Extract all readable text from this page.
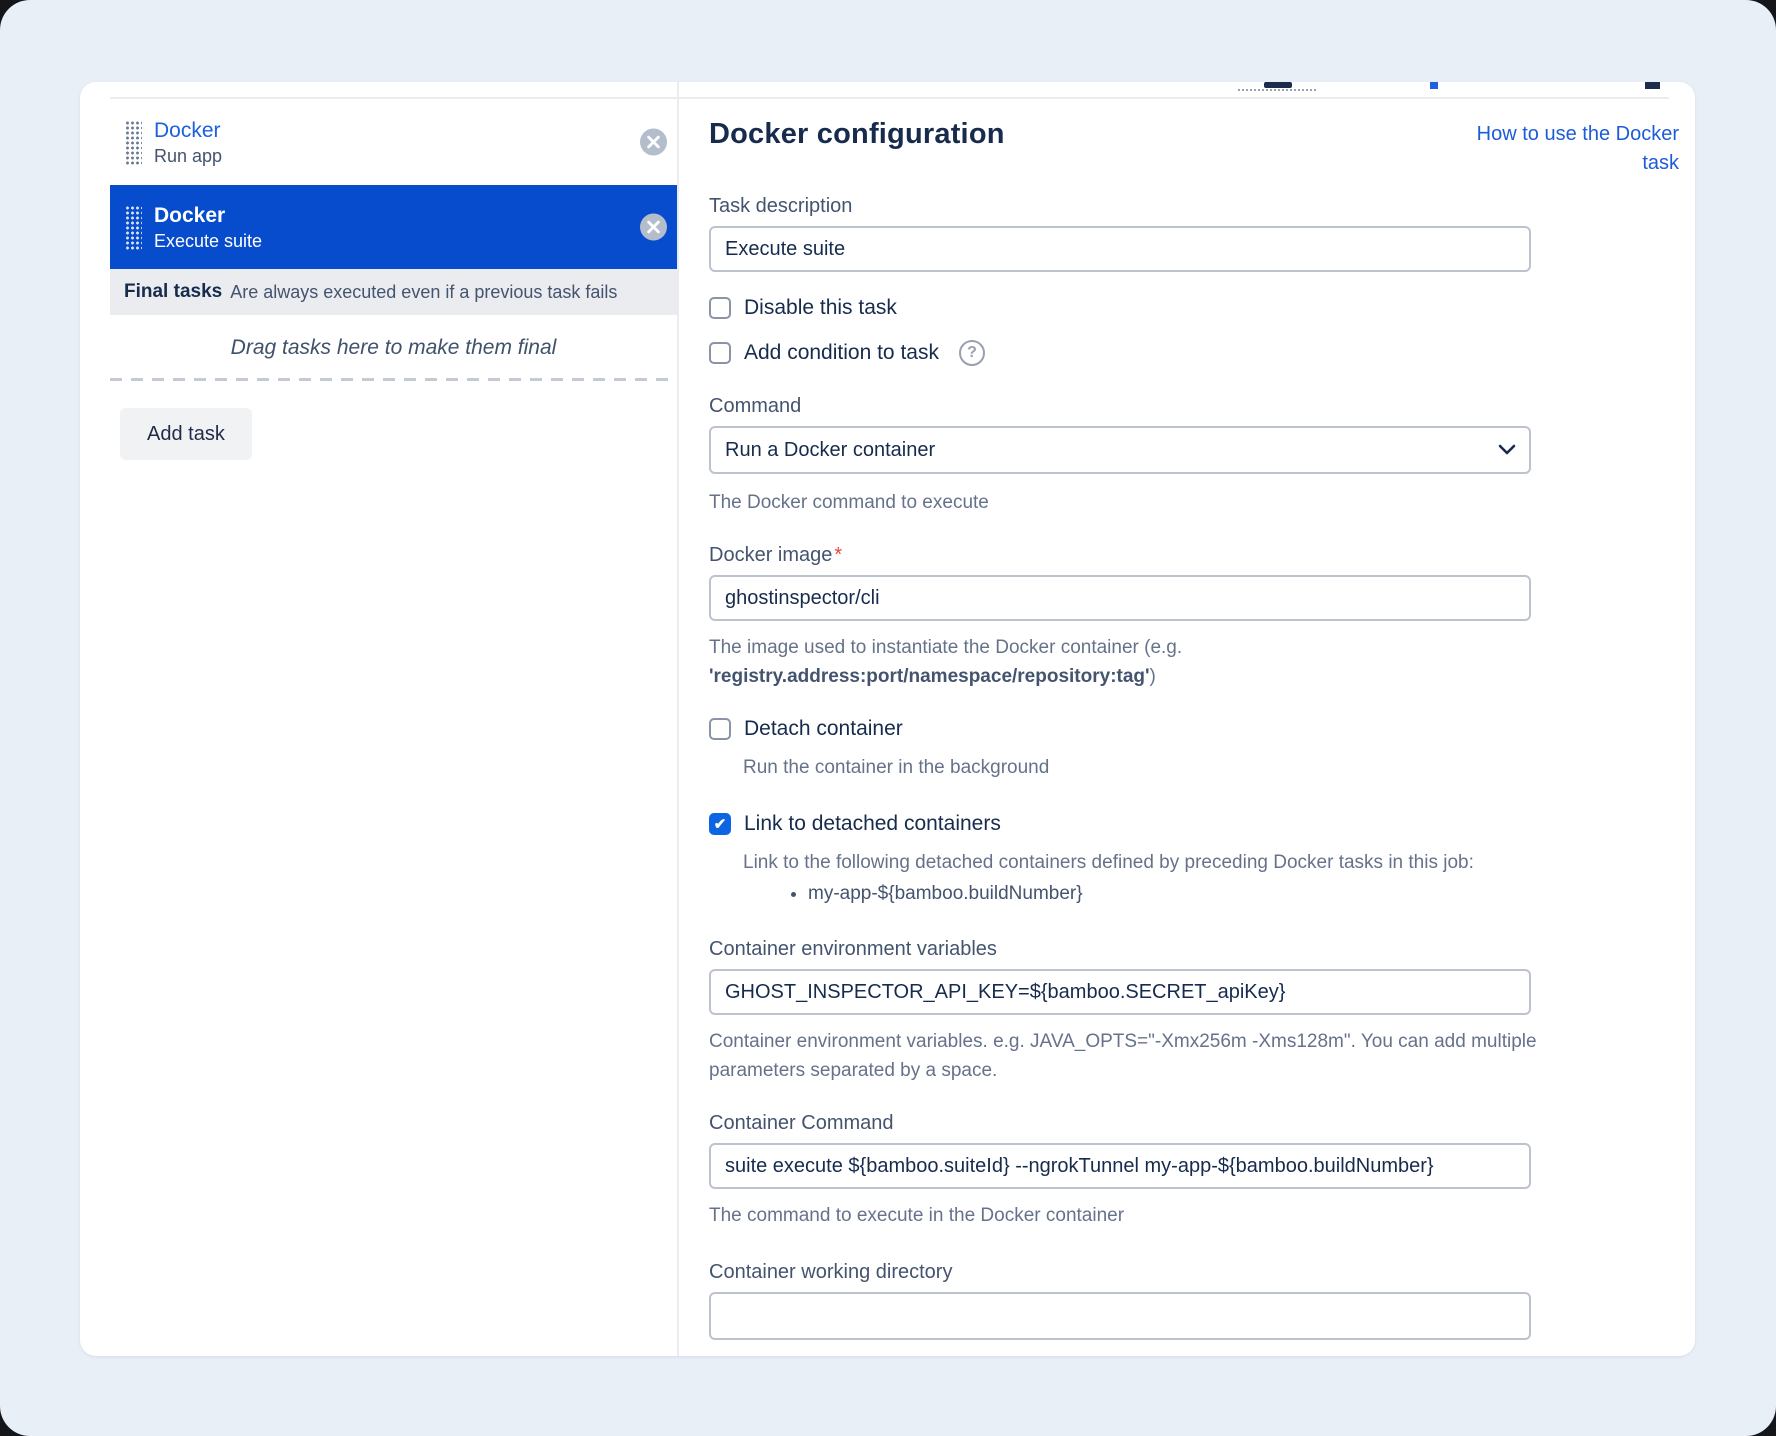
Docker
Run app
Docker
Execute suite
Final tasks Are always executed even if a previous task fails
Drag tasks here to make them final
Add task
Docker configuration	How to use the Docker task
Task description
Execute suite
Disable this task
Add condition to task	?
Command
Run a Docker container

The Docker command to execute

Docker image *
ghostinspector/cli

The image used to instantiate the Docker container (e.g. 'registry.address:port/namespace/repository:tag')

Detach container

Run the container in the background

Link to detached containers

Link to the following detached containers defined by preceding Docker tasks in this job:

• my-app-${bamboo.buildNumber}
Container environment variables
GHOST_INSPECTOR_API_KEY=${bamboo.SECRET_apiKey}

Container environment variables. e.g. JAVA_OPTS="-Xmx256m -Xms128m". You can add multiple parameters separated by a space.

Container Command
suite execute ${bamboo.suiteId} --ngrokTunnel my-app-${bamboo.buildNumber}

The command to execute in the Docker container

Container working directory
